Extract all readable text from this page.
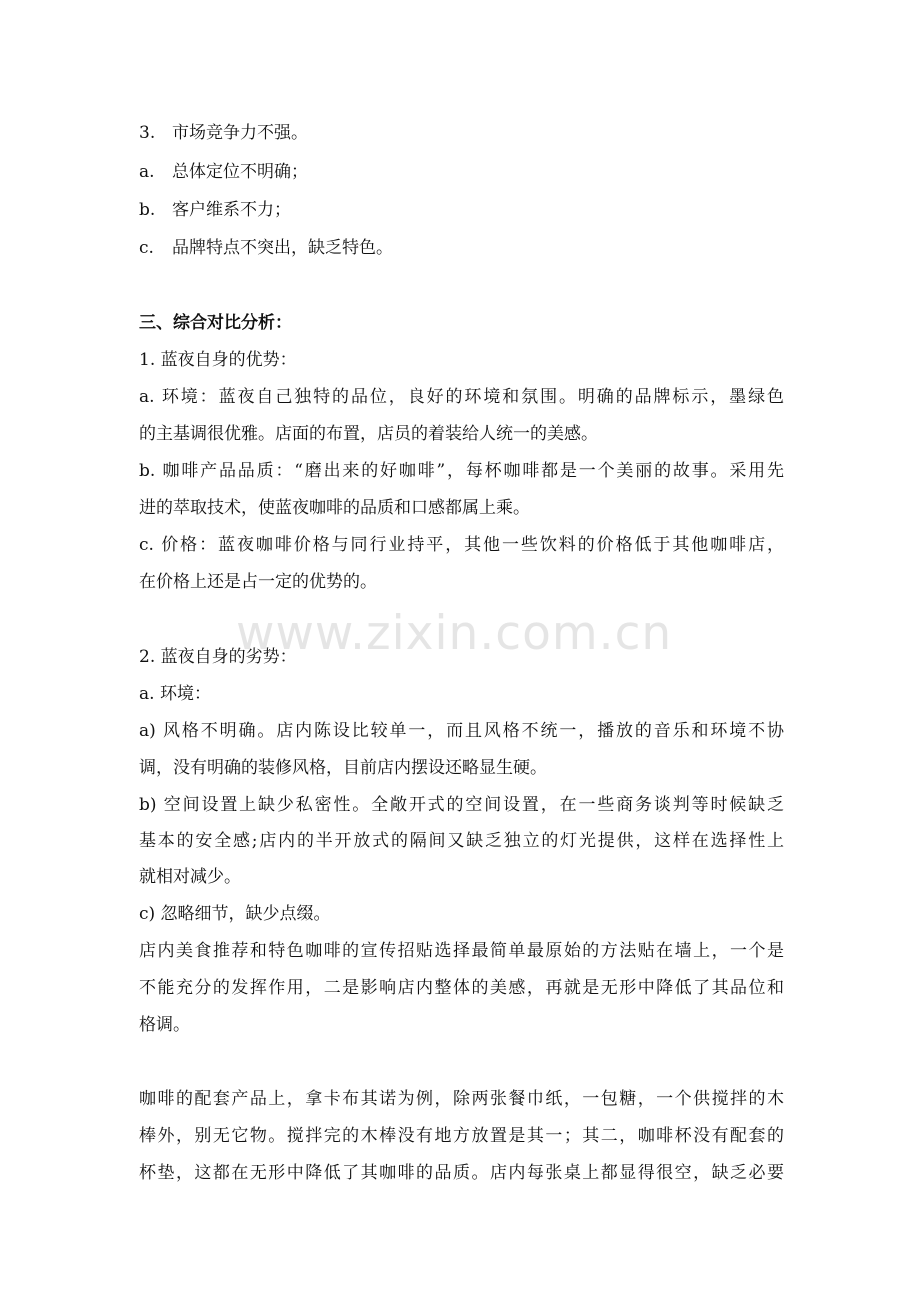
3. 市场竞争力不强。
a. 总体定位不明确；
b. 客户维系不力；
c. 品牌特点不突出，缺乏特色。
三、综合对比分析：
1. 蓝夜自身的优势：
a. 环境：蓝夜自己独特的品位，良好的环境和氛围。明确的品牌标示，墨绿色
的主基调很优雅。店面的布置，店员的着装给人统一的美感。
b. 咖啡产品品质：“磨出来的好咖啡”，每杯咖啡都是一个美丽的故事。采用先
进的萃取技术，使蓝夜咖啡的品质和口感都属上乘。
c. 价格：蓝夜咖啡价格与同行业持平，其他一些饮料的价格低于其他咖啡店，
在价格上还是占一定的优势的。
www.zixin.com.cn
2. 蓝夜自身的劣势：
a. 环境：
a) 风格不明确。店内陈设比较单一，而且风格不统一，播放的音乐和环境不协
调，没有明确的装修风格，目前店内摆设还略显生硬。
b) 空间设置上缺少私密性。全敞开式的空间设置，在一些商务谈判等时候缺乏
基本的安全感;店内的半开放式的隔间又缺乏独立的灯光提供，这样在选择性上
就相对减少。
c) 忽略细节，缺少点缀。
店内美食推荐和特色咖啡的宣传招贴选择最简单最原始的方法贴在墙上，一个是
不能充分的发挥作用，二是影响店内整体的美感，再就是无形中降低了其品位和
格调。
咖啡的配套产品上，拿卡布其诺为例，除两张餐巾纸，一包糖，一个供搅拌的木
棒外，别无它物。搅拌完的木棒没有地方放置是其一；其二，咖啡杯没有配套的
杯垫，这都在无形中降低了其咖啡的品质。店内每张桌上都显得很空，缺乏必要
